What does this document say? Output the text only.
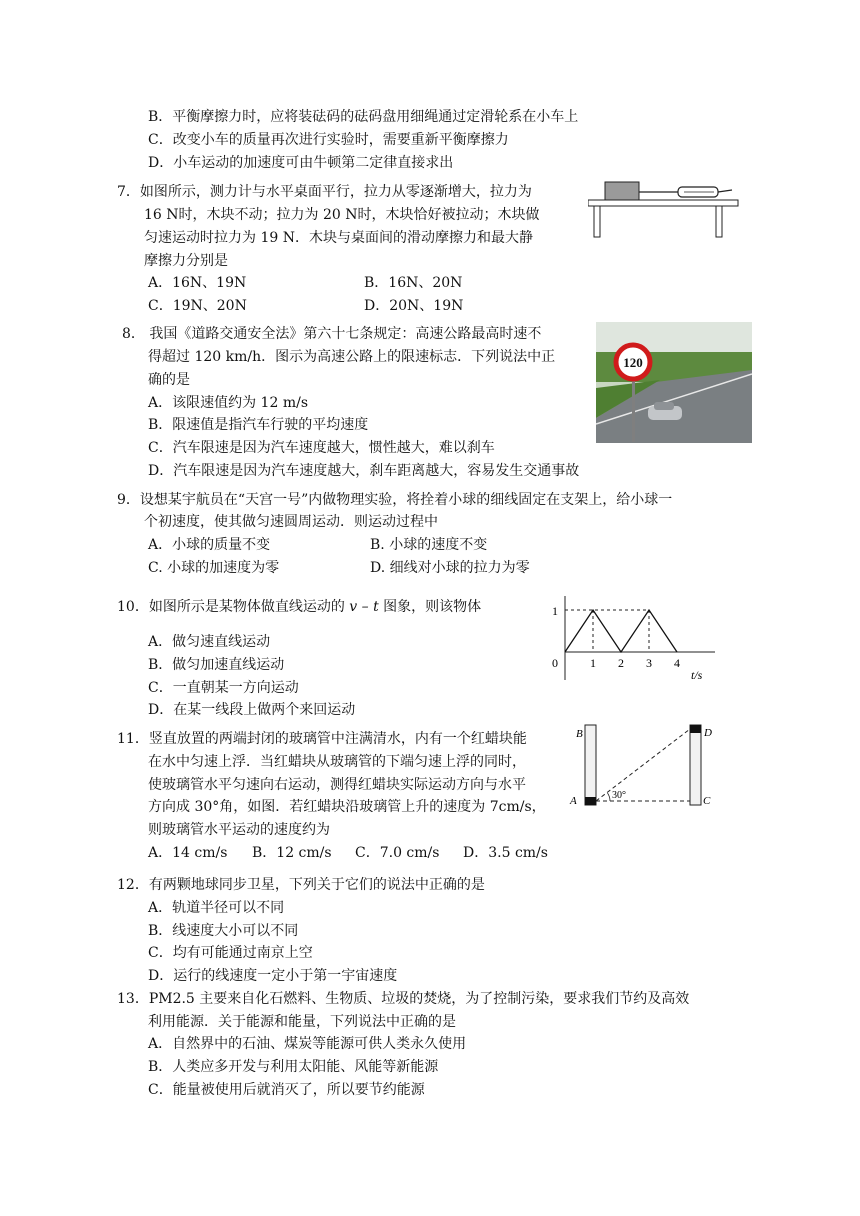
B．平衡摩擦力时，应将装砝码的砝码盘用细绳通过定滑轮系在小车上
C．改变小车的质量再次进行实验时，需要重新平衡摩擦力
D．小车运动的加速度可由牛顿第二定律直接求出
7．如图所示，测力计与水平桌面平行，拉力从零逐渐增大，拉力为
16 N时，木块不动；拉力为 20 N时，木块恰好被拉动；木块做
匀速运动时拉力为 19 N．木块与桌面间的滑动摩擦力和最大静
摩擦力分别是
A．16N、19N	B．16N、20N
C．19N、20N	D．20N、19N
8． 我国《道路交通安全法》第六十七条规定：高速公路最高时速不
得超过 120 km/h．图示为高速公路上的限速标志．下列说法中正
确的是
A．该限速值约为 12 m/s
B．限速值是指汽车行驶的平均速度
C．汽车限速是因为汽车速度越大，惯性越大，难以刹车
D．汽车限速是因为汽车速度越大，刹车距离越大，容易发生交通事故
120
9．设想某宇航员在“天宫一号”内做物理实验，将拴着小球的细线固定在支架上，给小球一
个初速度，使其做匀速圆周运动．则运动过程中
A．小球的质量不变	B. 小球的速度不变
C. 小球的加速度为零	D. 细线对小球的拉力为零
10．如图所示是某物体做直线运动的 v – t 图象，则该物体
A．做匀速直线运动
B．做匀加速直线运动
C．一直朝某一方向运动
D．在某一线段上做两个来回运动
0	1 2 3 4
1
t/s
11．竖直放置的两端封闭的玻璃管中注满清水，内有一个红蜡块能
在水中匀速上浮．当红蜡块从玻璃管的下端匀速上浮的同时，
使玻璃管水平匀速向右运动，测得红蜡块实际运动方向与水平
方向成 30°角，如图．若红蜡块沿玻璃管上升的速度为 7cm/s，
则玻璃管水平运动的速度约为
A．14 cm/s B．12 cm/s C．7.0 cm/s D．3.5 cm/s
B	D
A	C
30°
12．有两颗地球同步卫星，下列关于它们的说法中正确的是
A．轨道半径可以不同
B．线速度大小可以不同
C．均有可能通过南京上空
D．运行的线速度一定小于第一宇宙速度
13．PM2.5 主要来自化石燃料、生物质、垃圾的焚烧，为了控制污染，要求我们节约及高效
利用能源．关于能源和能量，下列说法中正确的是
A．自然界中的石油、煤炭等能源可供人类永久使用
B．人类应多开发与利用太阳能、风能等新能源
C．能量被使用后就消灭了，所以要节约能源
